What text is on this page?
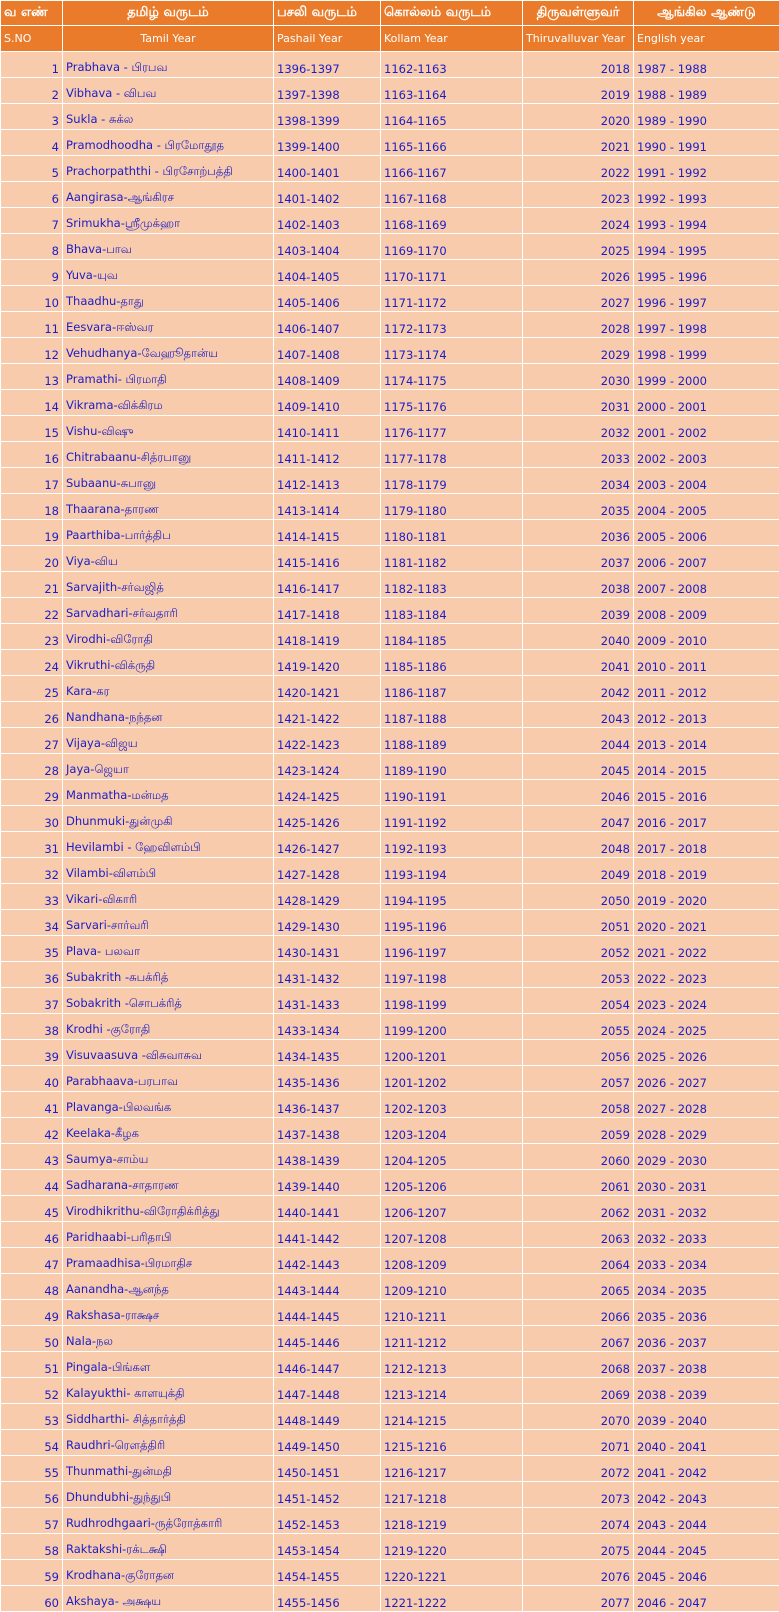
வ எண்	தமிழ் வருடம்	பசலி வருடம்	கொல்லம் வருடம்	திருவள்ளுவர்	ஆங்கில ஆண்டு
S.NO	Tamil Year	Pashail Year	Kollam Year	Thiruvalluvar Year	English year
1	Prabhava - பிரபவ	1396-1397	1162-1163	2018	1987 - 1988
2	Vibhava - விபவ	1397-1398	1163-1164	2019	1988 - 1989
3	Sukla - சுக்ல	1398-1399	1164-1165	2020	1989 - 1990
4	Pramodhoodha - பிரமோதூத	1399-1400	1165-1166	2021	1990 - 1991
5	Prachorpaththi - பிரசோற்பத்தி	1400-1401	1166-1167	2022	1991 - 1992
6	Aangirasa-ஆங்கிரச	1401-1402	1167-1168	2023	1992 - 1993
7	Srimukha-ஸ்ரீமுக்ஹா	1402-1403	1168-1169	2024	1993 - 1994
8	Bhava-பாவ	1403-1404	1169-1170	2025	1994 - 1995
9	Yuva-யுவ	1404-1405	1170-1171	2026	1995 - 1996
10	Thaadhu-தாது	1405-1406	1171-1172	2027	1996 - 1997
11	Eesvara-ஈஸ்வர	1406-1407	1172-1173	2028	1997 - 1998
12	Vehudhanya-வேஹூதான்ய	1407-1408	1173-1174	2029	1998 - 1999
13	Pramathi- பிரமாதி	1408-1409	1174-1175	2030	1999 - 2000
14	Vikrama-விக்கிரம	1409-1410	1175-1176	2031	2000 - 2001
15	Vishu-விஷு	1410-1411	1176-1177	2032	2001 - 2002
16	Chitrabaanu-சித்ரபானு	1411-1412	1177-1178	2033	2002 - 2003
17	Subaanu-சுபானு	1412-1413	1178-1179	2034	2003 - 2004
18	Thaarana-தாரண	1413-1414	1179-1180	2035	2004 - 2005
19	Paarthiba-பார்த்திப	1414-1415	1180-1181	2036	2005 - 2006
20	Viya-விய	1415-1416	1181-1182	2037	2006 - 2007
21	Sarvajith-சர்வஜித்	1416-1417	1182-1183	2038	2007 - 2008
22	Sarvadhari-சர்வதாரி	1417-1418	1183-1184	2039	2008 - 2009
23	Virodhi-விரோதி	1418-1419	1184-1185	2040	2009 - 2010
24	Vikruthi-விக்ருதி	1419-1420	1185-1186	2041	2010 - 2011
25	Kara-கர	1420-1421	1186-1187	2042	2011 - 2012
26	Nandhana-நந்தன	1421-1422	1187-1188	2043	2012 - 2013
27	Vijaya-விஜய	1422-1423	1188-1189	2044	2013 - 2014
28	Jaya-ஜெயா	1423-1424	1189-1190	2045	2014 - 2015
29	Manmatha-மன்மத	1424-1425	1190-1191	2046	2015 - 2016
30	Dhunmuki-துன்முகி	1425-1426	1191-1192	2047	2016 - 2017
31	Hevilambi - ஹேவிளம்பி	1426-1427	1192-1193	2048	2017 - 2018
32	Vilambi-விளம்பி	1427-1428	1193-1194	2049	2018 - 2019
33	Vikari-விகாரி	1428-1429	1194-1195	2050	2019 - 2020
34	Sarvari-சார்வரி	1429-1430	1195-1196	2051	2020 - 2021
35	Plava- பலவா	1430-1431	1196-1197	2052	2021 - 2022
36	Subakrith -சுபக்ரித்	1431-1432	1197-1198	2053	2022 - 2023
37	Sobakrith -சொபக்ரித்	1431-1433	1198-1199	2054	2023 - 2024
38	Krodhi -குரோதி	1433-1434	1199-1200	2055	2024 - 2025
39	Visuvaasuva -விசுவாசுவ	1434-1435	1200-1201	2056	2025 - 2026
40	Parabhaava-பரபாவ	1435-1436	1201-1202	2057	2026 - 2027
41	Plavanga-பிலவங்க	1436-1437	1202-1203	2058	2027 - 2028
42	Keelaka-கீழக	1437-1438	1203-1204	2059	2028 - 2029
43	Saumya-சாம்ய	1438-1439	1204-1205	2060	2029 - 2030
44	Sadharana-சாதாரண	1439-1440	1205-1206	2061	2030 - 2031
45	Virodhikrithu-விரோதிக்ரித்து	1440-1441	1206-1207	2062	2031 - 2032
46	Paridhaabi-பரிதாபி	1441-1442	1207-1208	2063	2032 - 2033
47	Pramaadhisa-பிரமாதிச	1442-1443	1208-1209	2064	2033 - 2034
48	Aanandha-ஆனந்த	1443-1444	1209-1210	2065	2034 - 2035
49	Rakshasa-ராக்ஷச	1444-1445	1210-1211	2066	2035 - 2036
50	Nala-நல	1445-1446	1211-1212	2067	2036 - 2037
51	Pingala-பிங்கள	1446-1447	1212-1213	2068	2037 - 2038
52	Kalayukthi- காளயுக்தி	1447-1448	1213-1214	2069	2038 - 2039
53	Siddharthi- சித்தார்த்தி	1448-1449	1214-1215	2070	2039 - 2040
54	Raudhri-ரௌத்திரி	1449-1450	1215-1216	2071	2040 - 2041
55	Thunmathi-துன்மதி	1450-1451	1216-1217	2072	2041 - 2042
56	Dhundubhi-துந்துபி	1451-1452	1217-1218	2073	2042 - 2043
57	Rudhrodhgaari-ருத்ரோத்காரி	1452-1453	1218-1219	2074	2043 - 2044
58	Raktakshi-ரக்டக்ஷி	1453-1454	1219-1220	2075	2044 - 2045
59	Krodhana-குரோதன	1454-1455	1220-1221	2076	2045 - 2046
60	Akshaya- அக்ஷய	1455-1456	1221-1222	2077	2046 - 2047
